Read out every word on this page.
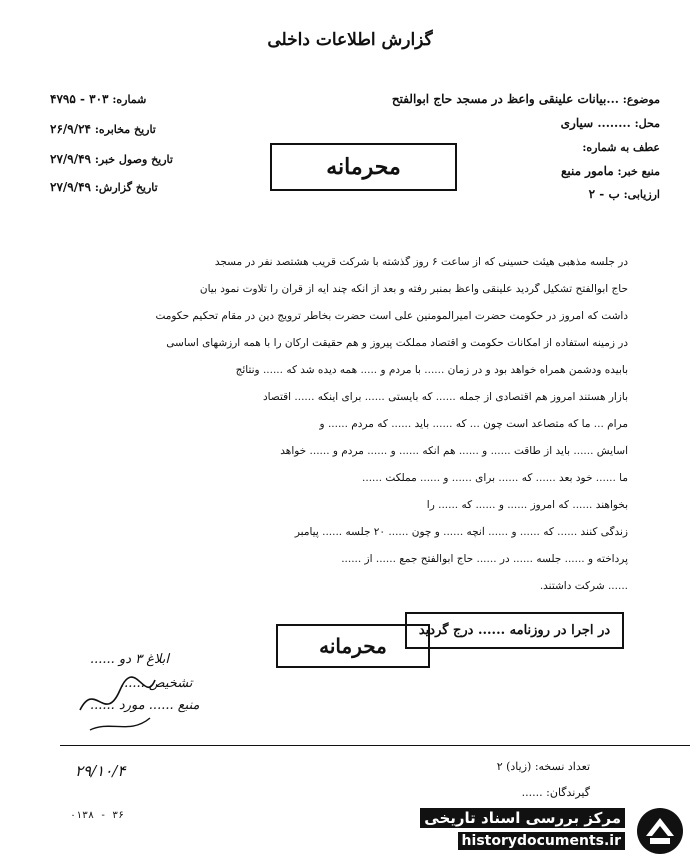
گزارش اطلاعات داخلی
موضوع: ...بیانات علینقی واعظ در مسجد حاج ابوالفتح
محل: ........ سیاری
عطف به شماره:
منبع خبر: مامور منبع
ارزیابی: ب - ۲
شماره: ۳۰۳ - ۴۷۹۵
تاریخ مخابره: ۲۶/۹/۲۴
تاریخ وصول خبر: ۲۷/۹/۴۹
تاریخ گزارش: ۲۷/۹/۴۹
محرمانه
در جلسه مذهبی هیئت حسینی که از ساعت ۶ روز گذشته با شرکت قریب هشتصد نفر در مسجد
حاج ابوالفتح تشکیل گردید علینقی واعظ بمنبر رفته و بعد از آنکه چند آیه از قرآن را تلاوت نمود بیان
داشت که امروز در حکومت حضرت امیرالمومنین علی است حضرت بخاطر ترویج دین در مقام تحکیم حکومت
در زمینه استفاده از امکانات حکومت و اقتصاد مملکت پیروز و هم حقیقت ارکان را با همه ارزشهای اساسی
بابیده ودشمن همراه خواهد بود و در زمان ...... با مردم و ..... همه دیده شد که ...... ونتائج
بازار هستند امروز هم اقتصادی از جمله ...... که بایستی ...... برای اینکه ...... اقتصاد
مرام ... ما که متصاعد است چون ... که ...... باید ...... که مردم ...... و
آسایش ...... باید از طاقت ...... و ...... هم آنکه ...... و ...... مردم و ...... خواهد
ما ...... خود بعد ...... که ...... برای ...... و ...... مملکت ......
بخواهند ...... که امروز ...... و ...... که ...... را
زندگی کنند ...... که ...... و ...... آنچه ...... و چون ...... ۲۰ جلسه ...... پیامبر
پرداخته و ...... جلسه ...... در ...... حاج ابوالفتح جمع ...... از ......
...... شرکت داشتند.
در اجرا در روزنامه ...... درج گردید
محرمانه
ابلاغ ۳ دو ......
تشخیص ......
منبع ...... مورد ......
۲۹/۱۰/۴	تعداد نسخه: (زیاد) ۲
گیرندگان: ......
۰۱۳۸ - ۳۶	مرکز بررسی اسناد تاریخی
historydocuments.ir
